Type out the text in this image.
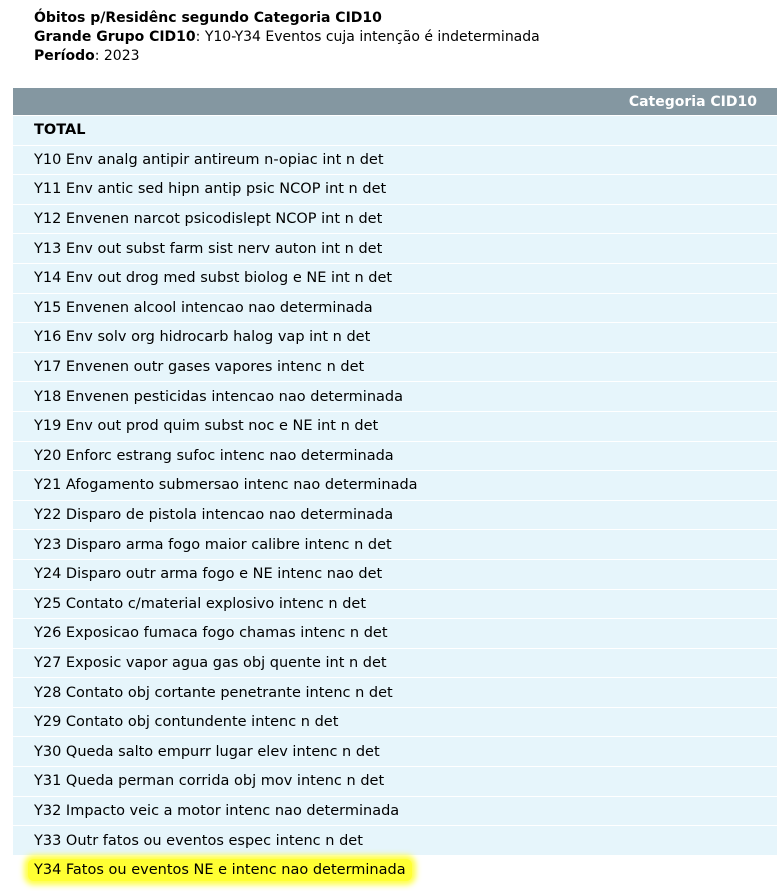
Óbitos p/Residênc segundo Categoria CID10
Grande Grupo CID10: Y10-Y34 Eventos cuja intenção é indeterminada
Período: 2023
Categoria CID10
TOTAL
Y10 Env analg antipir antireum n-opiac int n det
Y11 Env antic sed hipn antip psic NCOP int n det
Y12 Envenen narcot psicodislept NCOP int n det
Y13 Env out subst farm sist nerv auton int n det
Y14 Env out drog med subst biolog e NE int n det
Y15 Envenen alcool intencao nao determinada
Y16 Env solv org hidrocarb halog vap int n det
Y17 Envenen outr gases vapores intenc n det
Y18 Envenen pesticidas intencao nao determinada
Y19 Env out prod quim subst noc e NE int n det
Y20 Enforc estrang sufoc intenc nao determinada
Y21 Afogamento submersao intenc nao determinada
Y22 Disparo de pistola intencao nao determinada
Y23 Disparo arma fogo maior calibre intenc n det
Y24 Disparo outr arma fogo e NE intenc nao det
Y25 Contato c/material explosivo intenc n det
Y26 Exposicao fumaca fogo chamas intenc n det
Y27 Exposic vapor agua gas obj quente int n det
Y28 Contato obj cortante penetrante intenc n det
Y29 Contato obj contundente intenc n det
Y30 Queda salto empurr lugar elev intenc n det
Y31 Queda perman corrida obj mov intenc n det
Y32 Impacto veic a motor intenc nao determinada
Y33 Outr fatos ou eventos espec intenc n det
Y34 Fatos ou eventos NE e intenc nao determinada
